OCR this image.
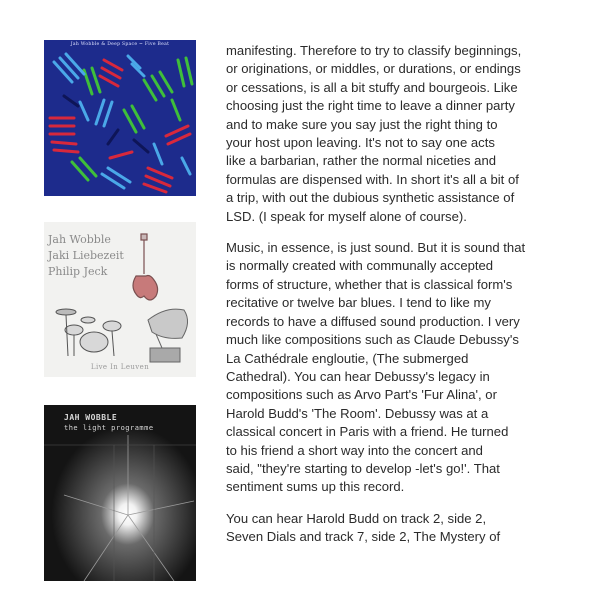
Jah Wobble & Deep Space ~ Five Beat
Jah Wobble
Jaki Liebezeit
Philip Jeck
Live In Leuven
JAH WOBBLE
the light programme

manifesting. Therefore to try to classify beginnings,
or originations, or middles, or durations, or endings
or cessations, is all a bit stuffy and bourgeois. Like
choosing just the right time to leave a dinner party
and to make sure you say just the right thing to
your host upon leaving. It's not to say one acts
like a barbarian, rather the normal niceties and
formulas are dispensed with. In short it's all a bit of
a trip, with out the dubious synthetic assistance of
LSD. (I speak for myself alone of course).

Music, in essence, is just sound. But it is sound that
is normally created with communally accepted
forms of structure, whether that is classical form's
recitative or twelve bar blues. I tend to like my
records to have a diffused sound production. I very
much like compositions such as Claude Debussy's
La Cathédrale engloutie, (The submerged
Cathedral). You can hear Debussy's legacy in
compositions such as Arvo Part's 'Fur Alina', or
Harold Budd's 'The Room'. Debussy was at a
classical concert in Paris with a friend. He turned
to his friend a short way into the concert and
said, "they're starting to develop -let's go!'. That
sentiment sums up this record.

You can hear Harold Budd on track 2, side 2,
Seven Dials and track 7, side 2, The Mystery of
